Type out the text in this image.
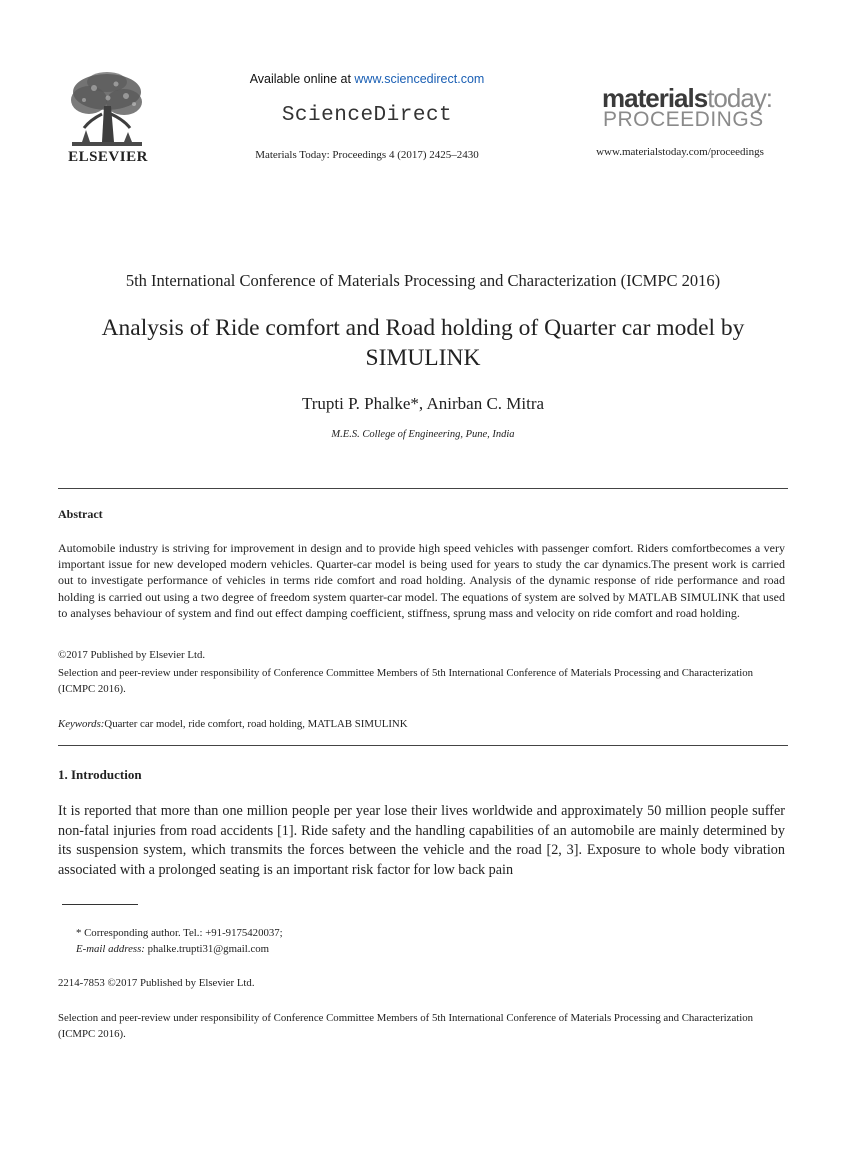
ELSEVIER
Available online at www.sciencedirect.com
ScienceDirect
Materials Today: Proceedings 4 (2017) 2425–2430
materialstoday:
PROCEEDINGS
www.materialstoday.com/proceedings
5th International Conference of Materials Processing and Characterization (ICMPC 2016)
Analysis of Ride comfort and Road holding of Quarter car model by
SIMULINK
Trupti P. Phalke*, Anirban C. Mitra
M.E.S. College of Engineering, Pune, India
Abstract
Automobile industry is striving for improvement in design and to provide high speed vehicles with passenger comfort. Riders comfortbecomes a very important issue for new developed modern vehicles. Quarter-car model is being used for years to study the car dynamics.The present work is carried out to investigate performance of vehicles in terms ride comfort and road holding. Analysis of the dynamic response of ride performance and road holding is carried out using a two degree of freedom system quarter-car model. The equations of system are solved by MATLAB SIMULINK that used to analyses behaviour of system and find out effect damping coefficient, stiffness, sprung mass and velocity on ride comfort and road holding.
©2017 Published by Elsevier Ltd.
Selection and peer-review under responsibility of Conference Committee Members of 5th International Conference of Materials Processing and Characterization (ICMPC 2016).
Keywords:Quarter car model, ride comfort, road holding, MATLAB SIMULINK
1. Introduction
It is reported that more than one million people per year lose their lives worldwide and approximately 50 million people suffer non-fatal injuries from road accidents [1]. Ride safety and the handling capabilities of an automobile are mainly determined by its suspension system, which transmits the forces between the vehicle and the road [2, 3]. Exposure to whole body vibration associated with a prolonged seating is an important risk factor for low back pain
* Corresponding author. Tel.: +91-9175420037;
E-mail address: phalke.trupti31@gmail.com
2214-7853 ©2017 Published by Elsevier Ltd.
Selection and peer-review under responsibility of Conference Committee Members of 5th International Conference of Materials Processing and Characterization (ICMPC 2016).
